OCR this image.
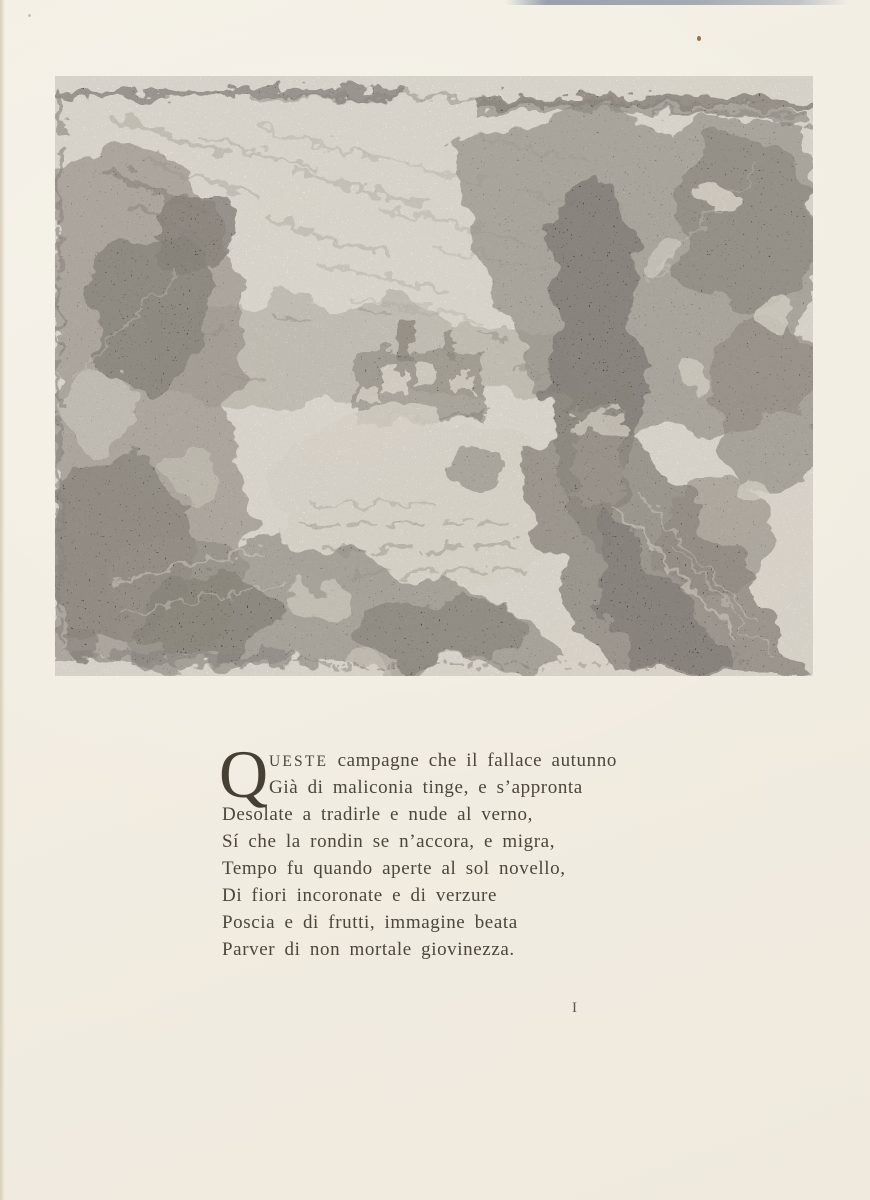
Q UESTE campagne che il fallace autunno
Già di maliconia tinge, e s’appronta
Desolate a tradirle e nude al verno,
Sí che la rondin se n’accora, e migra,
Tempo fu quando aperte al sol novello,
Di fiori incoronate e di verzure
Poscia e di frutti, immagine beata
Parver di non mortale giovinezza.
I
